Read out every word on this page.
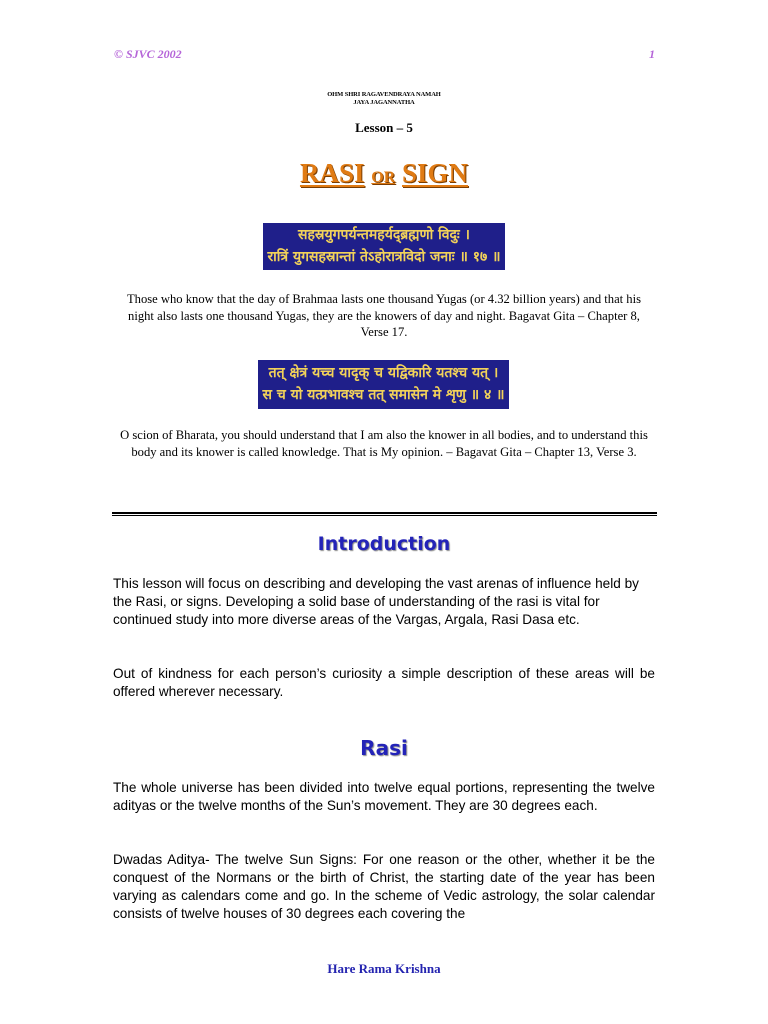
© SJVC 2002	1
OHM SHRI RAGAVENDRAYA NAMAH
JAYA JAGANNATHA
Lesson – 5
RASI OR SIGN
सहस्रयुगपर्यन्तमहर्यद्ब्रह्मणो विदुः ।
रात्रिं युगसहस्रान्तां तेऽहोरात्रविदो जनाः ॥ १७ ॥
Those who know that the day of Brahmaa lasts one thousand Yugas (or 4.32 billion years) and that his night also lasts one thousand Yugas, they are the knowers of day and night. Bagavat Gita – Chapter 8, Verse 17.
तत् क्षेत्रं यच्च यादृक् च यद्विकारि यतश्च यत् ।
स च यो यत्प्रभावश्च तत् समासेन मे शृणु ॥ ४ ॥
O scion of Bharata, you should understand that I am also the knower in all bodies, and to understand this body and its knower is called knowledge. That is My opinion. – Bagavat Gita – Chapter 13, Verse 3.
Introduction
This lesson will focus on describing and developing the vast arenas of influence held by the Rasi, or signs. Developing a solid base of understanding of the rasi is vital for continued study into more diverse areas of the Vargas, Argala, Rasi Dasa etc.
Out of kindness for each person’s curiosity a simple description of these areas will be offered wherever necessary.
Rasi
The whole universe has been divided into twelve equal portions, representing the twelve adityas or the twelve months of the Sun’s movement. They are 30 degrees each.
Dwadas Aditya- The twelve Sun Signs: For one reason or the other, whether it be the conquest of the Normans or the birth of Christ, the starting date of the year has been varying as calendars come and go. In the scheme of Vedic astrology, the solar calendar consists of twelve houses of 30 degrees each covering the
Hare Rama Krishna
